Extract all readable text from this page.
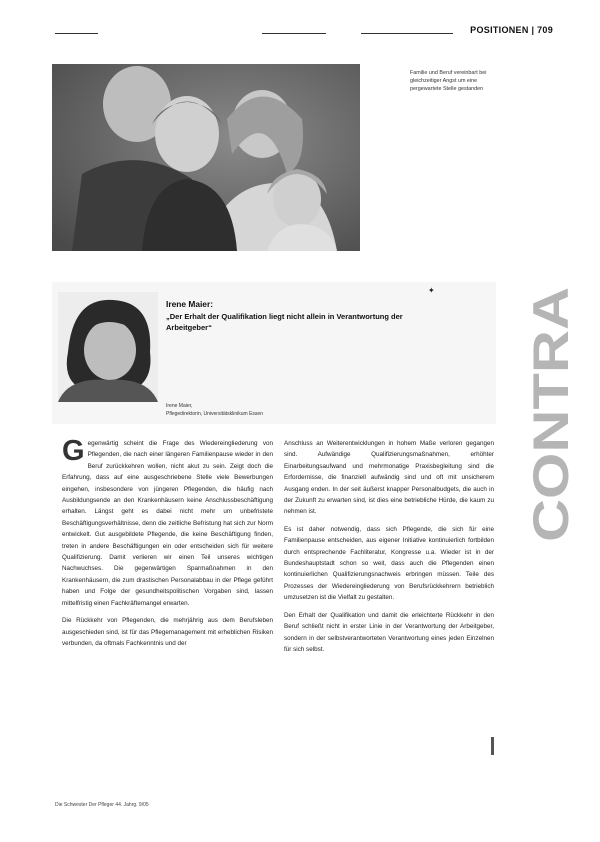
POSITIONEN | 709
Familie und Beruf vereinbart bei gleichzeitiger Angst um eine pergewartete Stelle gestanden
Irene Maier:
„Der Erhalt der Qualifikation liegt nicht allein in Verantwortung der Arbeitgeber“
✦
Irene Maier,
Pflegedirektorin, Universitätsklinikum Essen	CONTRA

Gegenwärtig scheint die Frage des Wiedereingliederung von Pflegenden, die nach einer längeren Familienpause wieder in den Beruf zurückkehren wollen, nicht akut zu sein. Zeigt doch die Erfahrung, dass auf eine ausgeschriebene Stelle viele Bewerbungen eingehen, insbesondere von jüngeren Pflegenden, die häufig nach Ausbildungsende an den Krankenhäusern keine Anschlussbeschäftigung erhalten. Längst geht es dabei nicht mehr um unbefristete Beschäftigungsverhältnisse, denn die zeitliche Befristung hat sich zur Norm entwickelt. Gut ausgebildete Pflegende, die keine Beschäftigung finden, treten in andere Beschäftigungen ein oder entscheiden sich für weitere Qualifizierung. Damit verlieren wir einen Teil unseres wichtigen Nachwuchses. Die gegenwärtigen Sparmaßnahmen in den Krankenhäusern, die zum drastischen Personalabbau in der Pflege geführt haben und Folge der gesundheitspolitischen Vorgaben sind, lassen mittelfristig einen Fachkräftemangel erwarten.

Die Rückkehr von Pflegenden, die mehrjährig aus dem Berufsleben ausgeschieden sind, ist für das Pflegemanagement mit erheblichen Risiken verbunden, da oftmals Fachkenntnis und der

Anschluss an Weiterentwicklungen in hohem Maße verloren gegangen sind. Aufwändige Qualifizierungsmaßnahmen, erhöhter Einarbeitungsaufwand und mehrmonatige Praxisbegleitung sind die Erfordernisse, die finanziell aufwändig sind und oft mit unsicherem Ausgang enden. In der seit äußerst knapper Personalbudgets, die auch in der Zukunft zu erwarten sind, ist dies eine betriebliche Hürde, die kaum zu nehmen ist.

Es ist daher notwendig, dass sich Pflegende, die sich für eine Familienpause entscheiden, aus eigener Initiative kontinuierlich fortbilden durch entsprechende Fachliteratur, Kongresse u.a. Wieder ist in der Bundeshauptstadt schon so weit, dass auch die Pflegenden einen kontinuierlichen Qualifizierungsnachweis erbringen müssen. Teile des Prozesses der Wiedereingliederung von Berufsrückkehrern betrieblich umzusetzen ist die Vielfalt zu gestalten.

Den Erhalt der Qualifikation und damit die erleichterte Rückkehr in den Beruf schließt nicht in erster Linie in der Verantwortung der Arbeitgeber, sondern in der selbstverantworteten Verantwortung eines jeden Einzelnen für sich selbst.

Die Schwester Der Pfleger 44. Jahrg. 9/05
